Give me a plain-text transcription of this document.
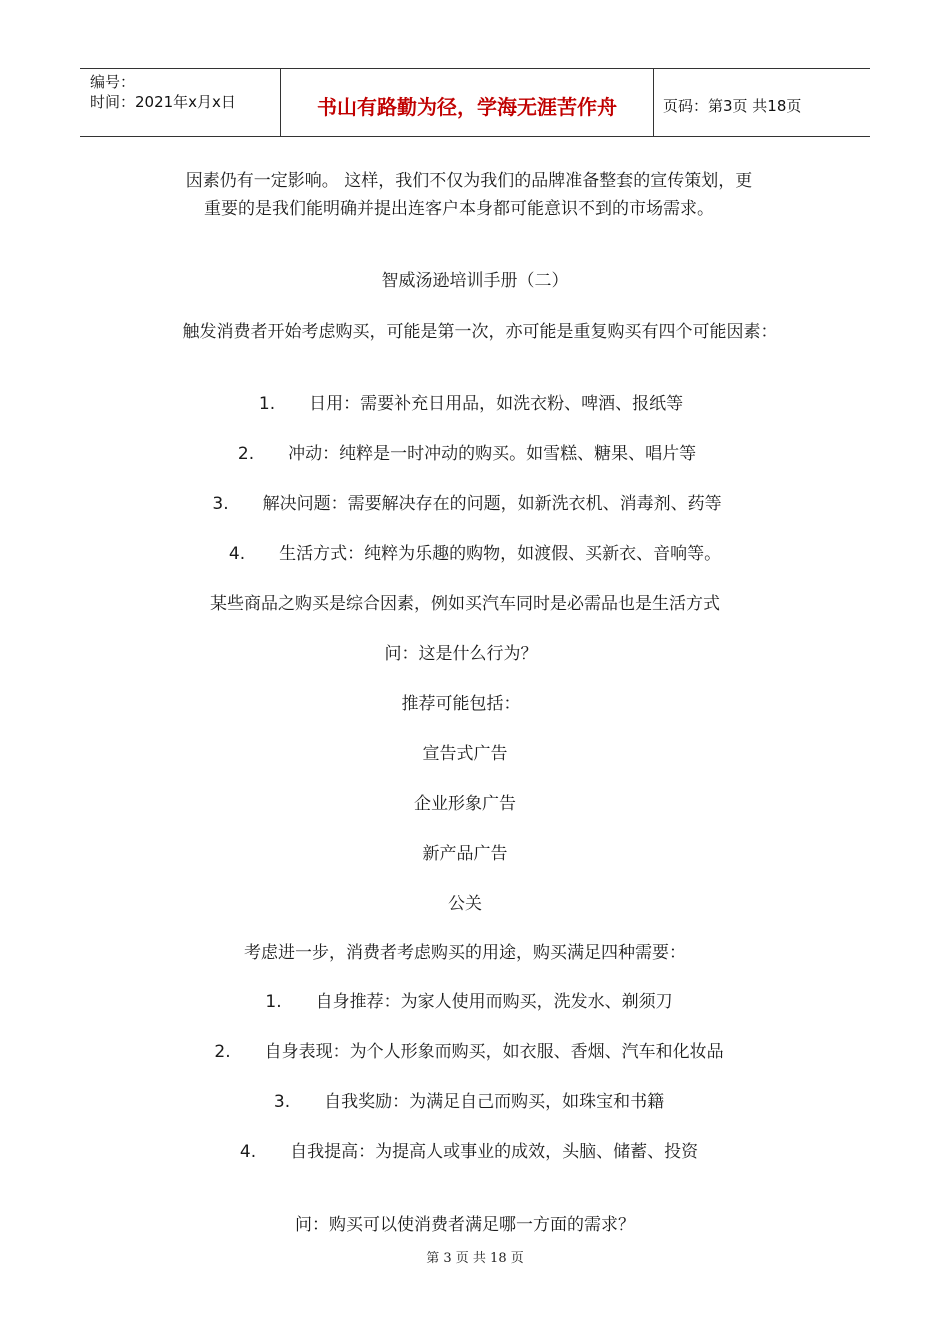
编号：
时间：2021年x月x日	书山有路勤为径，学海无涯苦作舟	页码：第3页 共18页
因素仍有一定影响。 这样，我们不仅为我们的品牌准备整套的宣传策划，更
重要的是我们能明确并提出连客户本身都可能意识不到的市场需求。
智威汤逊培训手册（二）
触发消费者开始考虑购买，可能是第一次，亦可能是重复购买有四个可能因素：
1. 日用：需要补充日用品，如洗衣粉、啤酒、报纸等
2. 冲动：纯粹是一时冲动的购买。如雪糕、糖果、唱片等
3. 解决问题：需要解决存在的问题，如新洗衣机、消毒剂、药等
4. 生活方式：纯粹为乐趣的购物，如渡假、买新衣、音响等。
某些商品之购买是综合因素，例如买汽车同时是必需品也是生活方式
问：这是什么行为？
推荐可能包括：
宣告式广告
企业形象广告
新产品广告
公关
考虑进一步，消费者考虑购买的用途，购买满足四种需要：
1. 自身推荐：为家人使用而购买，洗发水、剃须刀
2. 自身表现：为个人形象而购买，如衣服、香烟、汽车和化妆品
3. 自我奖励：为满足自己而购买，如珠宝和书籍
4. 自我提高：为提高人或事业的成效，头脑、储蓄、投资
问：购买可以使消费者满足哪一方面的需求？
第 3 页 共 18 页
